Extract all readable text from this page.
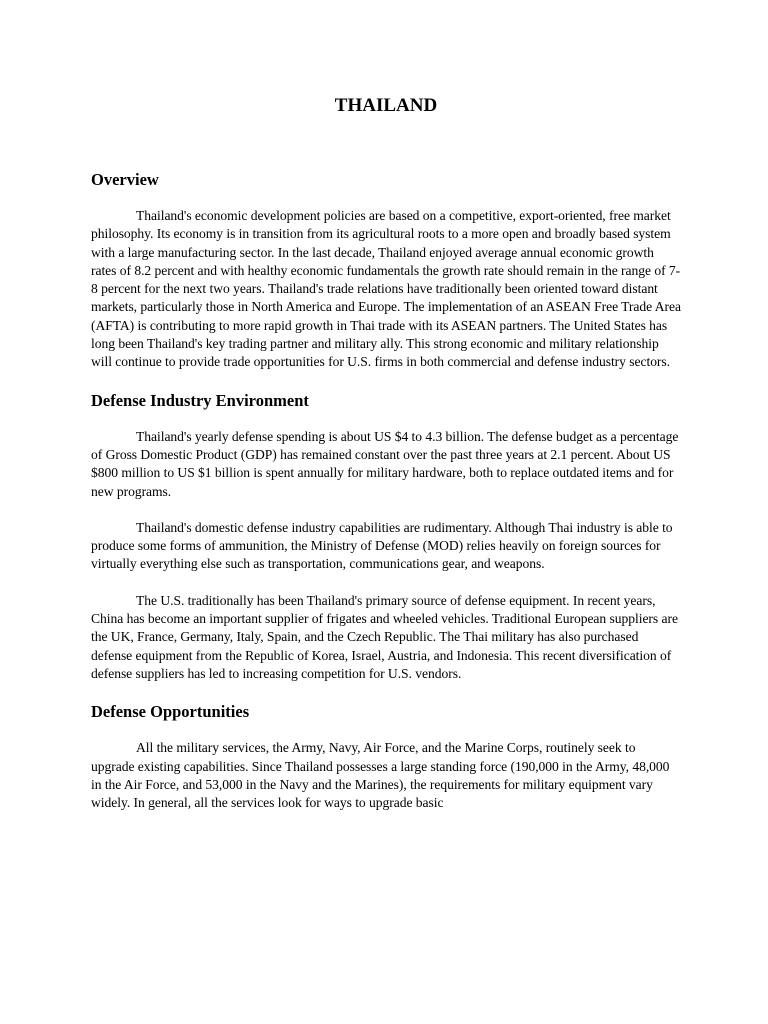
THAILAND
Overview

Thailand's economic development policies are based on a competitive, export-oriented, free market philosophy. Its economy is in transition from its agricultural roots to a more open and broadly based system with a large manufacturing sector. In the last decade, Thailand enjoyed average annual economic growth rates of 8.2 percent and with healthy economic fundamentals the growth rate should remain in the range of 7-8 percent for the next two years. Thailand's trade relations have traditionally been oriented toward distant markets, particularly those in North America and Europe. The implementation of an ASEAN Free Trade Area (AFTA) is contributing to more rapid growth in Thai trade with its ASEAN partners. The United States has long been Thailand's key trading partner and military ally. This strong economic and military relationship will continue to provide trade opportunities for U.S. firms in both commercial and defense industry sectors.

Defense Industry Environment

Thailand's yearly defense spending is about US $4 to 4.3 billion. The defense budget as a percentage of Gross Domestic Product (GDP) has remained constant over the past three years at 2.1 percent. About US $800 million to US $1 billion is spent annually for military hardware, both to replace outdated items and for new programs.

Thailand's domestic defense industry capabilities are rudimentary. Although Thai industry is able to produce some forms of ammunition, the Ministry of Defense (MOD) relies heavily on foreign sources for virtually everything else such as transportation, communications gear, and weapons.

The U.S. traditionally has been Thailand's primary source of defense equipment. In recent years, China has become an important supplier of frigates and wheeled vehicles. Traditional European suppliers are the UK, France, Germany, Italy, Spain, and the Czech Republic. The Thai military has also purchased defense equipment from the Republic of Korea, Israel, Austria, and Indonesia. This recent diversification of defense suppliers has led to increasing competition for U.S. vendors.

Defense Opportunities

All the military services, the Army, Navy, Air Force, and the Marine Corps, routinely seek to upgrade existing capabilities. Since Thailand possesses a large standing force (190,000 in the Army, 48,000 in the Air Force, and 53,000 in the Navy and the Marines), the requirements for military equipment vary widely. In general, all the services look for ways to upgrade basic
